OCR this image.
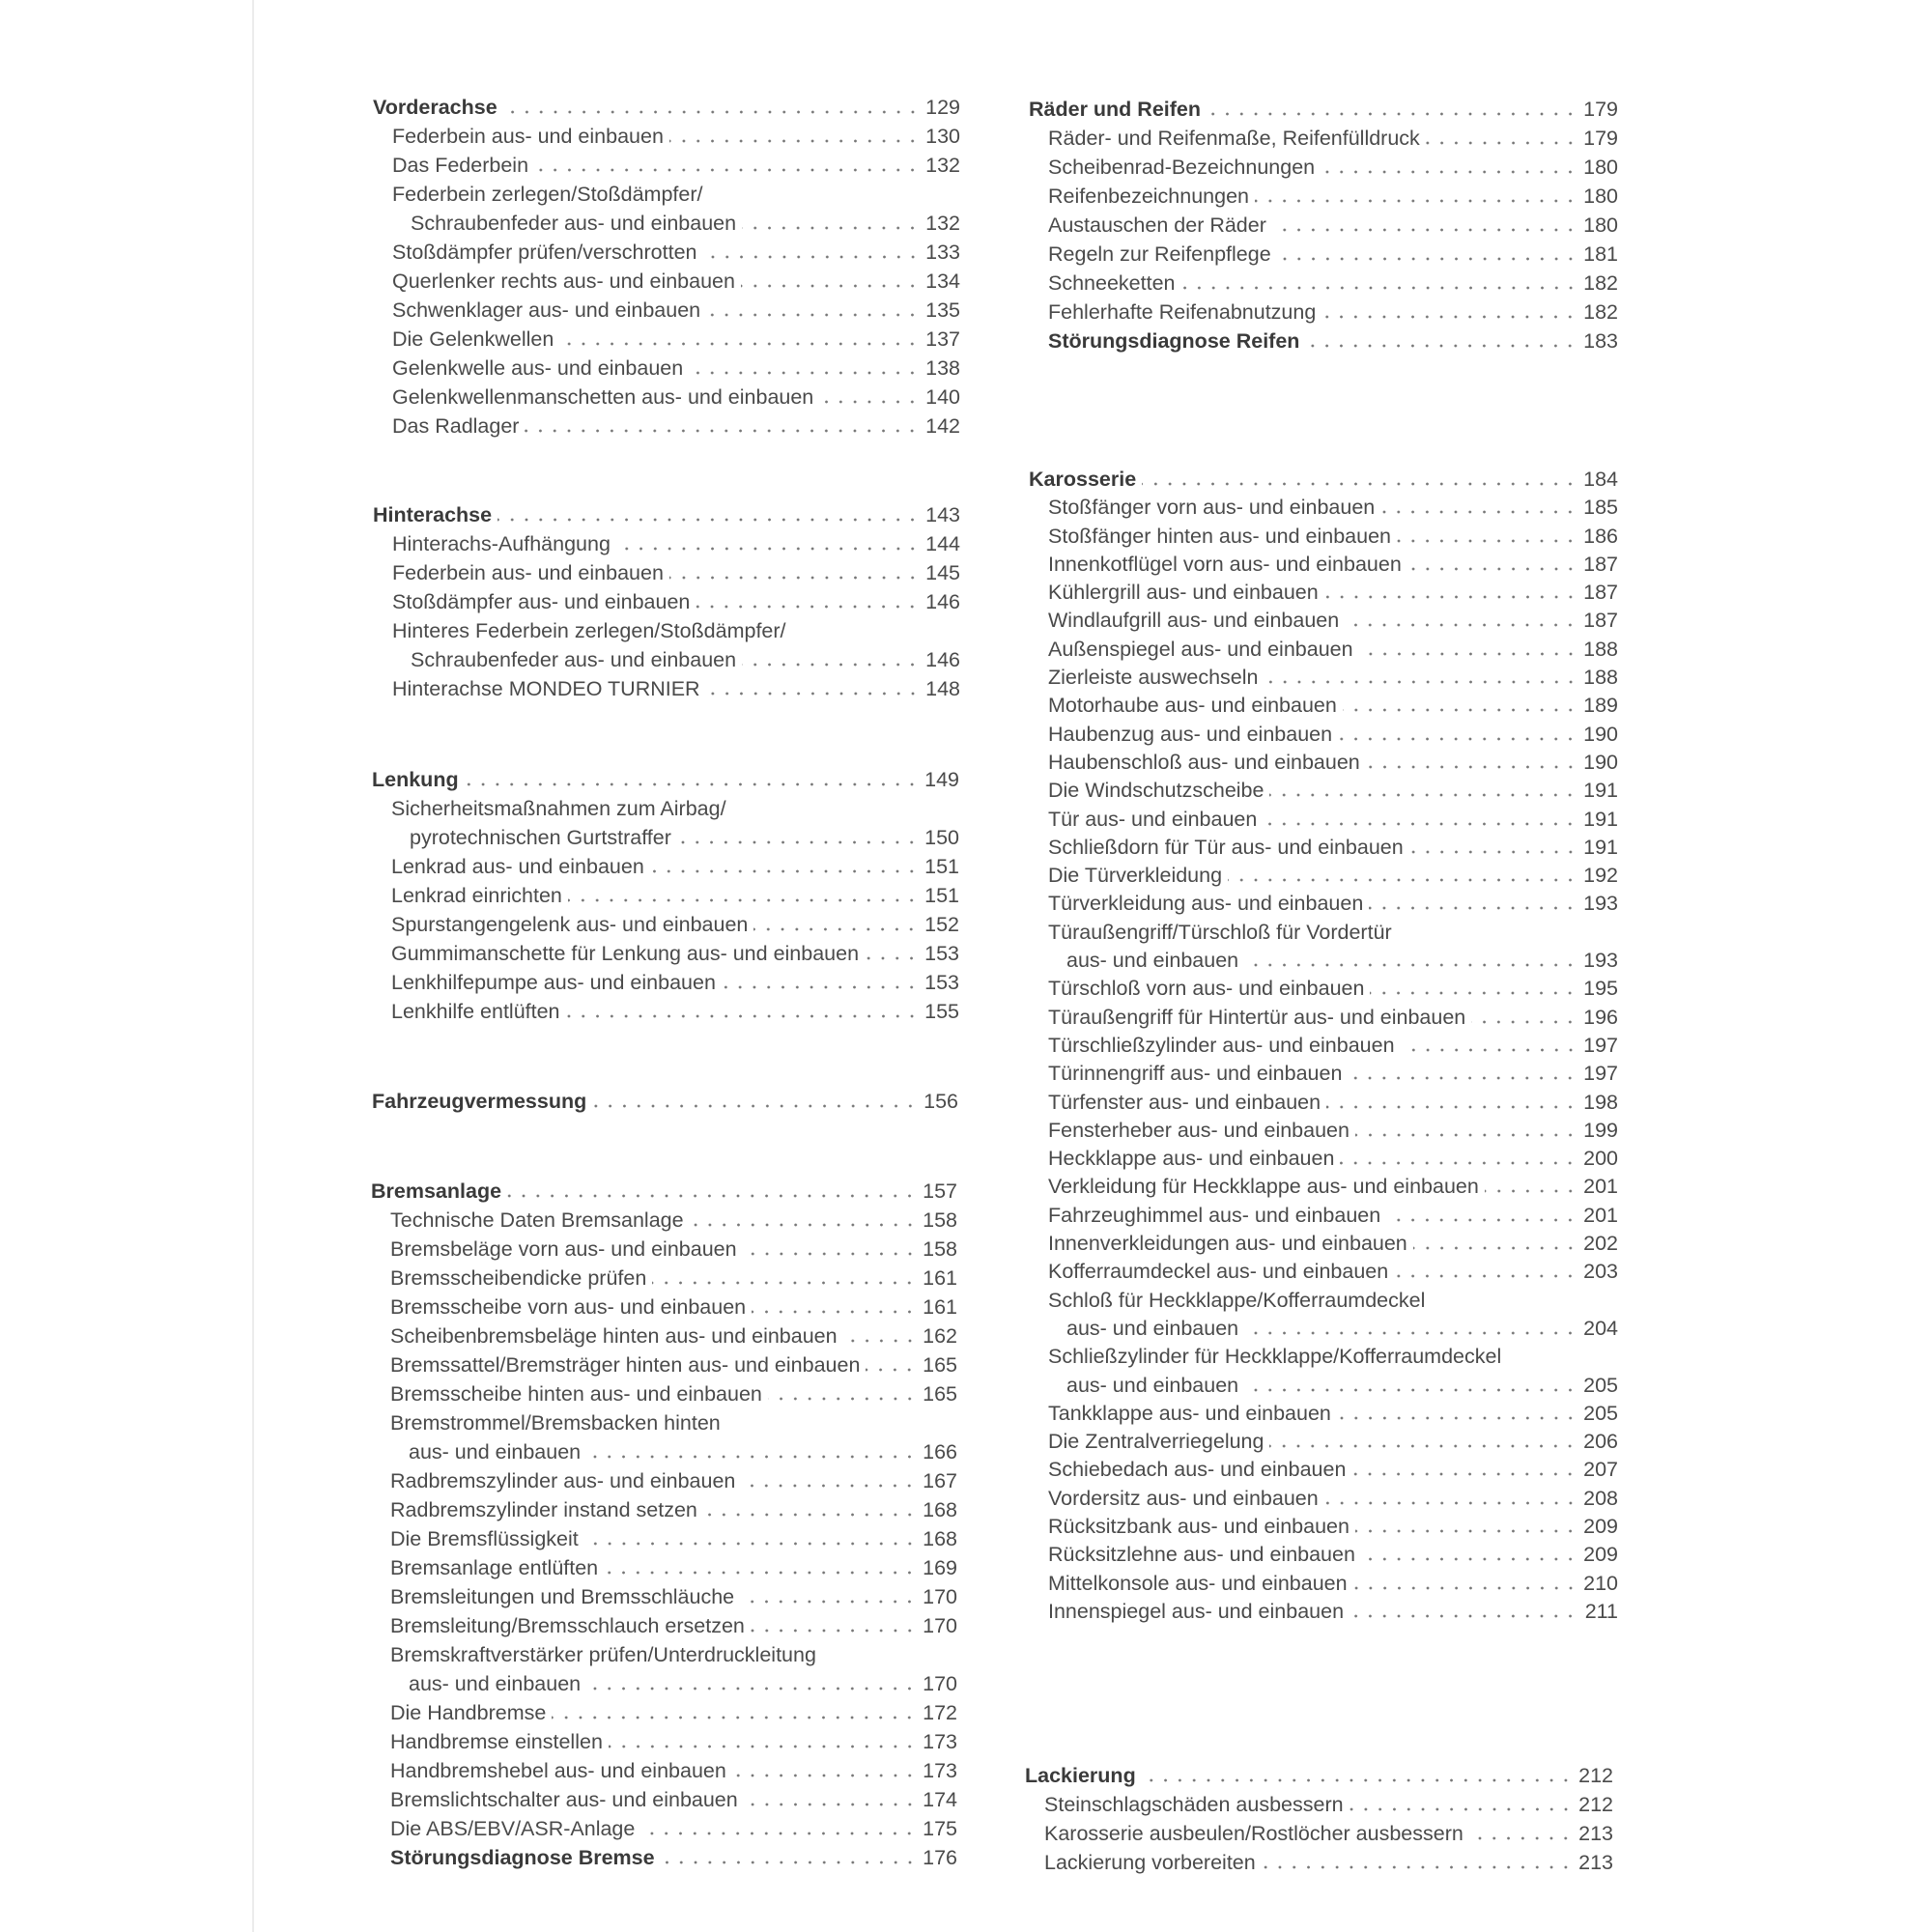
Vorderachse	129
Federbein aus- und einbauen	130
Das Federbein	132
Federbein zerlegen/Stoßdämpfer/
Schraubenfeder aus- und einbauen	132
Stoßdämpfer prüfen/verschrotten	133
Querlenker rechts aus- und einbauen	134
Schwenklager aus- und einbauen	135
Die Gelenkwellen	137
Gelenkwelle aus- und einbauen	138
Gelenkwellenmanschetten aus- und einbauen	140
Das Radlager	142
Hinterachse	143
Hinterachs-Aufhängung	144
Federbein aus- und einbauen	145
Stoßdämpfer aus- und einbauen	146
Hinteres Federbein zerlegen/Stoßdämpfer/
Schraubenfeder aus- und einbauen	146
Hinterachse MONDEO TURNIER	148
Lenkung	149
Sicherheitsmaßnahmen zum Airbag/
pyrotechnischen Gurtstraffer	150
Lenkrad aus- und einbauen	151
Lenkrad einrichten	151
Spurstangengelenk aus- und einbauen	152
Gummimanschette für Lenkung aus- und einbauen	153
Lenkhilfepumpe aus- und einbauen	153
Lenkhilfe entlüften	155
Fahrzeugvermessung	156
Bremsanlage	157
Technische Daten Bremsanlage	158
Bremsbeläge vorn aus- und einbauen	158
Bremsscheibendicke prüfen	161
Bremsscheibe vorn aus- und einbauen	161
Scheibenbremsbeläge hinten aus- und einbauen	162
Bremssattel/Bremsträger hinten aus- und einbauen	165
Bremsscheibe hinten aus- und einbauen	165
Bremstrommel/Bremsbacken hinten
aus- und einbauen	166
Radbremszylinder aus- und einbauen	167
Radbremszylinder instand setzen	168
Die Bremsflüssigkeit	168
Bremsanlage entlüften	169
Bremsleitungen und Bremsschläuche	170
Bremsleitung/Bremsschlauch ersetzen	170
Bremskraftverstärker prüfen/Unterdruckleitung
aus- und einbauen	170
Die Handbremse	172
Handbremse einstellen	173
Handbremshebel aus- und einbauen	173
Bremslichtschalter aus- und einbauen	174
Die ABS/EBV/ASR-Anlage	175
Störungsdiagnose Bremse	176
Räder und Reifen	179
Räder- und Reifenmaße, Reifenfülldruck	179
Scheibenrad-Bezeichnungen	180
Reifenbezeichnungen	180
Austauschen der Räder	180
Regeln zur Reifenpflege	181
Schneeketten	182
Fehlerhafte Reifenabnutzung	182
Störungsdiagnose Reifen	183
Karosserie	184
Stoßfänger vorn aus- und einbauen	185
Stoßfänger hinten aus- und einbauen	186
Innenkotflügel vorn aus- und einbauen	187
Kühlergrill aus- und einbauen	187
Windlaufgrill aus- und einbauen	187
Außenspiegel aus- und einbauen	188
Zierleiste auswechseln	188
Motorhaube aus- und einbauen	189
Haubenzug aus- und einbauen	190
Haubenschloß aus- und einbauen	190
Die Windschutzscheibe	191
Tür aus- und einbauen	191
Schließdorn für Tür aus- und einbauen	191
Die Türverkleidung	192
Türverkleidung aus- und einbauen	193
Türaußengriff/Türschloß für Vordertür
aus- und einbauen	193
Türschloß vorn aus- und einbauen	195
Türaußengriff für Hintertür aus- und einbauen	196
Türschließzylinder aus- und einbauen	197
Türinnengriff aus- und einbauen	197
Türfenster aus- und einbauen	198
Fensterheber aus- und einbauen	199
Heckklappe aus- und einbauen	200
Verkleidung für Heckklappe aus- und einbauen	201
Fahrzeughimmel aus- und einbauen	201
Innenverkleidungen aus- und einbauen	202
Kofferraumdeckel aus- und einbauen	203
Schloß für Heckklappe/Kofferraumdeckel
aus- und einbauen	204
Schließzylinder für Heckklappe/Kofferraumdeckel
aus- und einbauen	205
Tankklappe aus- und einbauen	205
Die Zentralverriegelung	206
Schiebedach aus- und einbauen	207
Vordersitz aus- und einbauen	208
Rücksitzbank aus- und einbauen	209
Rücksitzlehne aus- und einbauen	209
Mittelkonsole aus- und einbauen	210
Innenspiegel aus- und einbauen	211
Lackierung	212
Steinschlagschäden ausbessern	212
Karosserie ausbeulen/Rostlöcher ausbessern	213
Lackierung vorbereiten	213
